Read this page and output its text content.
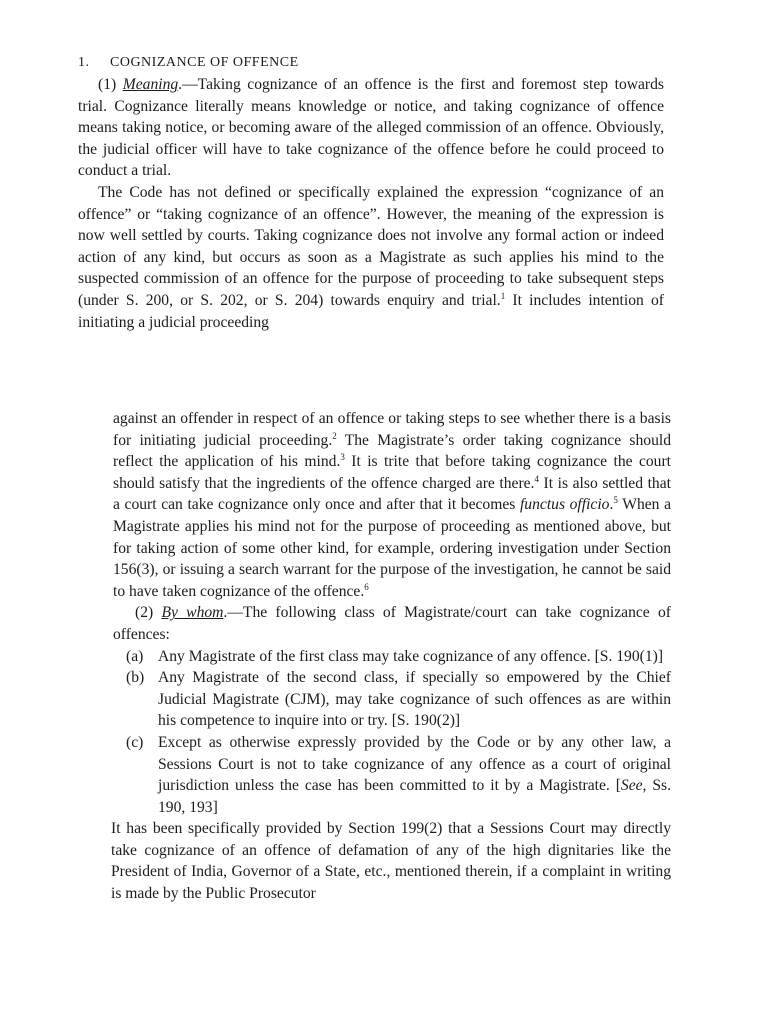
1. COGNIZANCE OF OFFENCE

(1) Meaning.—Taking cognizance of an offence is the first and foremost step towards trial. Cognizance literally means knowledge or notice, and taking cognizance of offence means taking notice, or becoming aware of the alleged commission of an offence. Obviously, the judicial officer will have to take cognizance of the offence before he could proceed to conduct a trial.

The Code has not defined or specifically explained the expression “cognizance of an offence” or “taking cognizance of an offence”. However, the meaning of the expression is now well settled by courts. Taking cognizance does not involve any formal action or indeed action of any kind, but occurs as soon as a Magistrate as such applies his mind to the suspected commission of an offence for the purpose of proceeding to take subsequent steps (under S. 200, or S. 202, or S. 204) towards enquiry and trial.$^1$ It includes intention of initiating a judicial proceeding

against an offender in respect of an offence or taking steps to see whether there is a basis for initiating judicial proceeding.$^2$ The Magistrate’s order taking cognizance should reflect the application of his mind.$^3$ It is trite that before taking cognizance the court should satisfy that the ingredients of the offence charged are there.$^4$ It is also settled that a court can take cognizance only once and after that it becomes functus officio.$^5$ When a Magistrate applies his mind not for the purpose of proceeding as mentioned above, but for taking action of some other kind, for example, ordering investigation under Section 156(3), or issuing a search warrant for the purpose of the investigation, he cannot be said to have taken cognizance of the offence.$^6$

(2) By whom.—The following class of Magistrate/court can take cognizance of offences:

(a) Any Magistrate of the first class may take cognizance of any offence. [S. 190(1)]
(b) Any Magistrate of the second class, if specially so empowered by the Chief Judicial Magistrate (CJM), may take cognizance of such offences as are within his competence to inquire into or try. [S. 190(2)]
(c) Except as otherwise expressly provided by the Code or by any other law, a Sessions Court is not to take cognizance of any offence as a court of original jurisdiction unless the case has been committed to it by a Magistrate. [See, Ss. 190, 193]

It has been specifically provided by Section 199(2) that a Sessions Court may directly take cognizance of an offence of defamation of any of the high dignitaries like the President of India, Governor of a State, etc., mentioned therein, if a complaint in writing is made by the Public Prosecutor
